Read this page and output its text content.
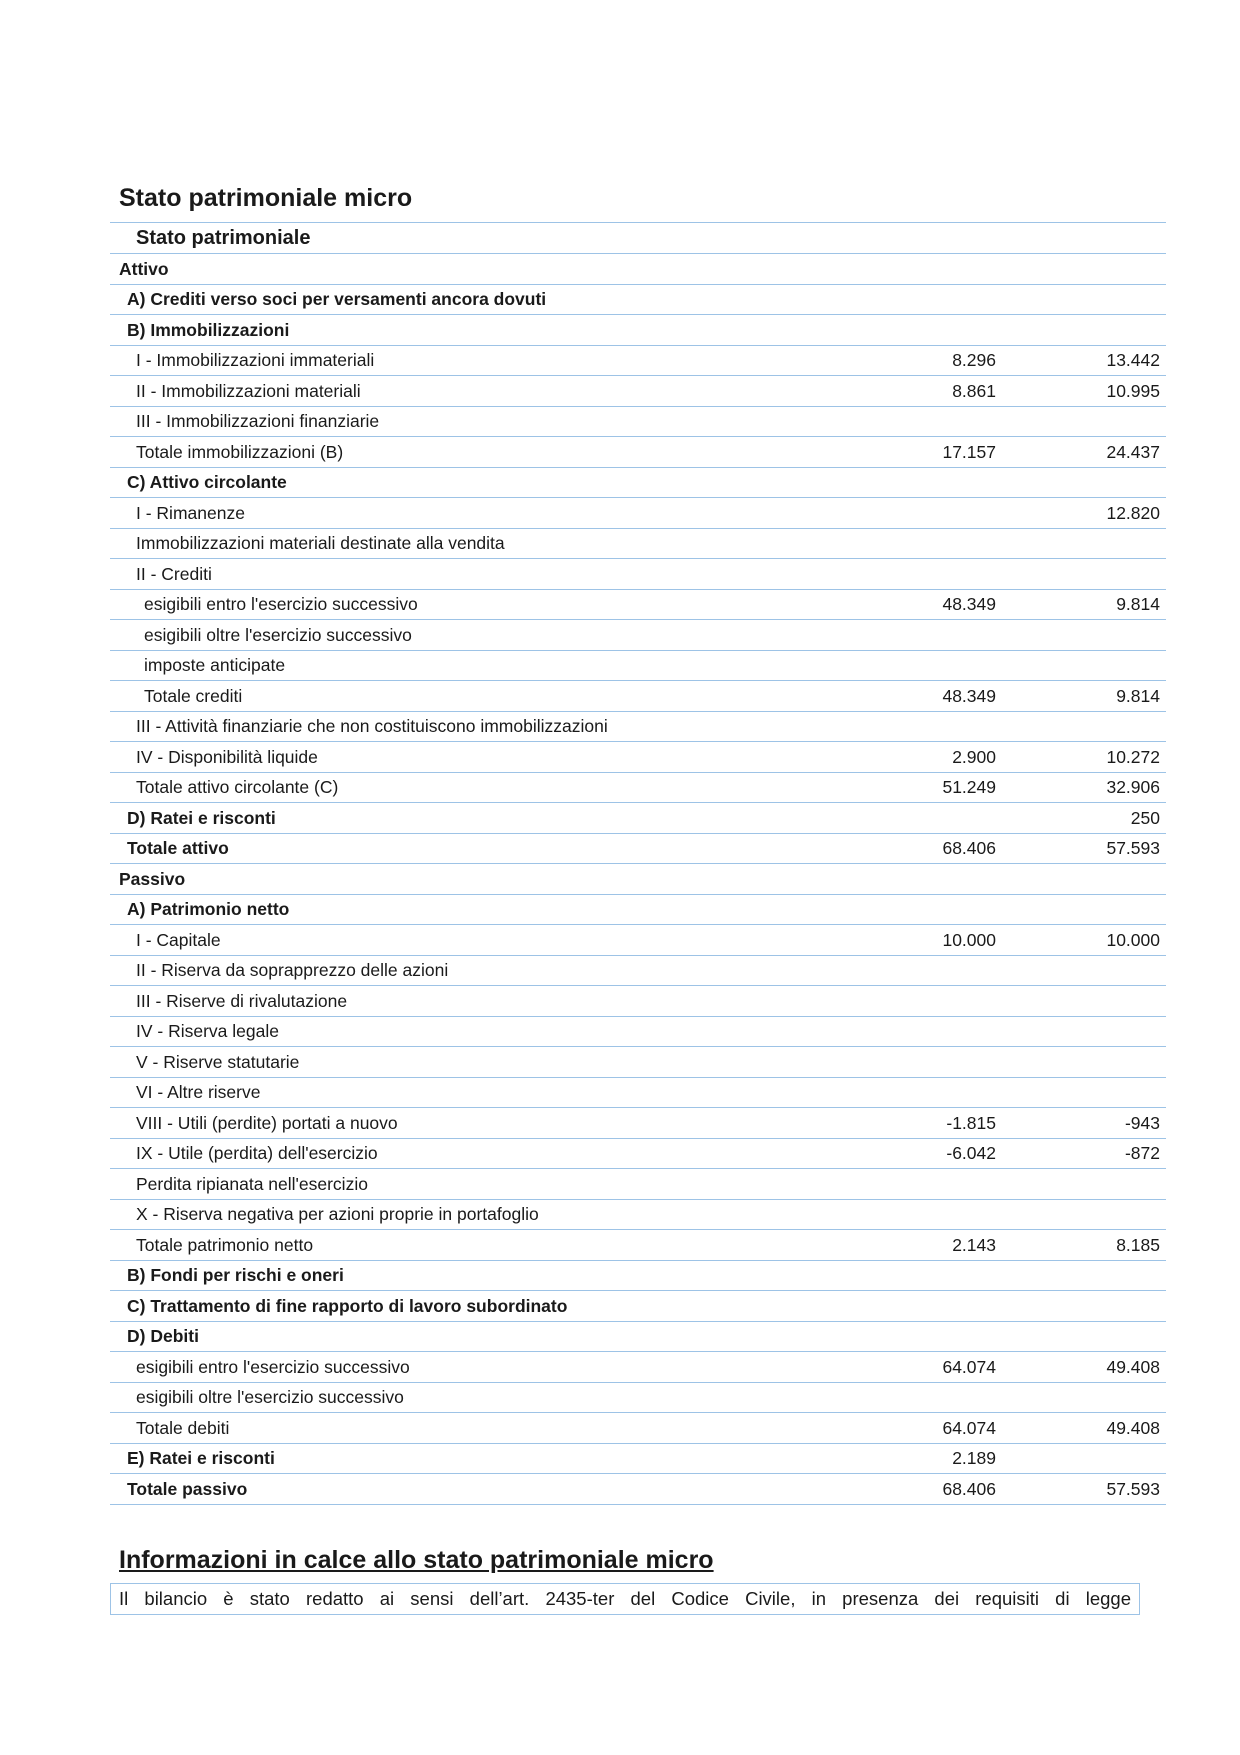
Stato patrimoniale micro
Stato patrimoniale		
Attivo		
A) Crediti verso soci per versamenti ancora dovuti		
B) Immobilizzazioni		
I - Immobilizzazioni immateriali	8.296	13.442
II - Immobilizzazioni materiali	8.861	10.995
III - Immobilizzazioni finanziarie		
Totale immobilizzazioni (B)	17.157	24.437
C) Attivo circolante		
I - Rimanenze		12.820
Immobilizzazioni materiali destinate alla vendita		
II - Crediti		
esigibili entro l'esercizio successivo	48.349	9.814
esigibili oltre l'esercizio successivo		
imposte anticipate		
Totale crediti	48.349	9.814
III - Attività finanziarie che non costituiscono immobilizzazioni		
IV - Disponibilità liquide	2.900	10.272
Totale attivo circolante (C)	51.249	32.906
D) Ratei e risconti		250
Totale attivo	68.406	57.593
Passivo		
A) Patrimonio netto		
I - Capitale	10.000	10.000
II - Riserva da soprapprezzo delle azioni		
III - Riserve di rivalutazione		
IV - Riserva legale		
V - Riserve statutarie		
VI - Altre riserve		
VIII - Utili (perdite) portati a nuovo	-1.815	-943
IX - Utile (perdita) dell'esercizio	-6.042	-872
Perdita ripianata nell'esercizio		
X - Riserva negativa per azioni proprie in portafoglio		
Totale patrimonio netto	2.143	8.185
B) Fondi per rischi e oneri		
C) Trattamento di fine rapporto di lavoro subordinato		
D) Debiti		
esigibili entro l'esercizio successivo	64.074	49.408
esigibili oltre l'esercizio successivo		
Totale debiti	64.074	49.408
E) Ratei e risconti	2.189	
Totale passivo	68.406	57.593
Informazioni in calce allo stato patrimoniale micro
Il bilancio è stato redatto ai sensi dell’art. 2435-ter del Codice Civile, in presenza dei requisiti di legge
